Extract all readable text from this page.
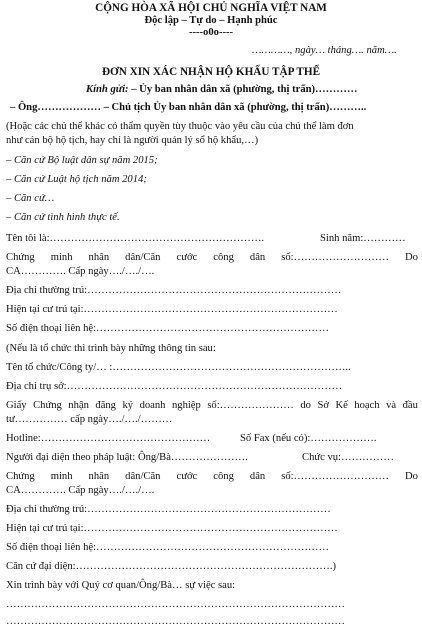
CỘNG HÒA XÃ HỘI CHỦ NGHĨA VIỆT NAM
Độc lập – Tự do – Hạnh phúc
----o0o----
…………, ngày… tháng…. năm….
ĐƠN XIN XÁC NHẬN HỘ KHẨU TẬP THỂ
Kính gửi: – Ủy ban nhân dân xã (phường, thị trấn)…………
– Ông……………… – Chủ tịch Ủy ban nhân dân xã (phường, thị trấn)………..
(Hoặc các chủ thể khác có thẩm quyền tùy thuộc vào yêu cầu của chủ thể làm đơn
như cán bộ hộ tịch, hay chỉ là người quản lý sổ hộ khẩu,…)
– Căn cứ Bộ luật dân sự năm 2015;
– Căn cứ Luật hộ tịch năm 2014;
– Căn cứ…
– Căn cứ tình hình thực tế.
Tên tôi là:…………………………………………………….	Sinh năm:…………
Chứng minh nhân dân/Căn cước công dân số:……………………… Do
CA…………. Cấp ngày…./…./….
Địa chỉ thường trú:………………………………………………………………
Hiện tại cư trú tại:………………………………………………………………
Số điện thoại liên hệ:…………………………………………………………
(Nếu là tổ chức thì trình bày những thông tin sau:
Tên tổ chức/Công ty/… :…………………………………………………………..
Địa chỉ trụ sở:……………………………………………………………………
Giấy Chứng nhận đăng ký doanh nghiệp số:………………… do Sở Kế hoạch và đầu
tư…………… cấp ngày…./…./………
Hotline:…………………………………………	Số Fax (nếu có):……………….
Người đại diện theo pháp luật: Ông/Bà………………….	Chức vụ:……………
Chứng minh nhân dân/Căn cước công dân số:……………………… Do
CA…………. Cấp ngày…./…./….
Địa chỉ thường trú:……………………………………………………………
Hiện tại cư trú tại:………………………………………………………………
Số điện thoại liên hệ:…………………………………………………………
Căn cứ đại diện:……………………………………………………………….)
Xin trình bày với Quý cơ quan/Ông/Bà… sự việc sau:
……………………………………………………………………………………
……………………………………………………………………………………
